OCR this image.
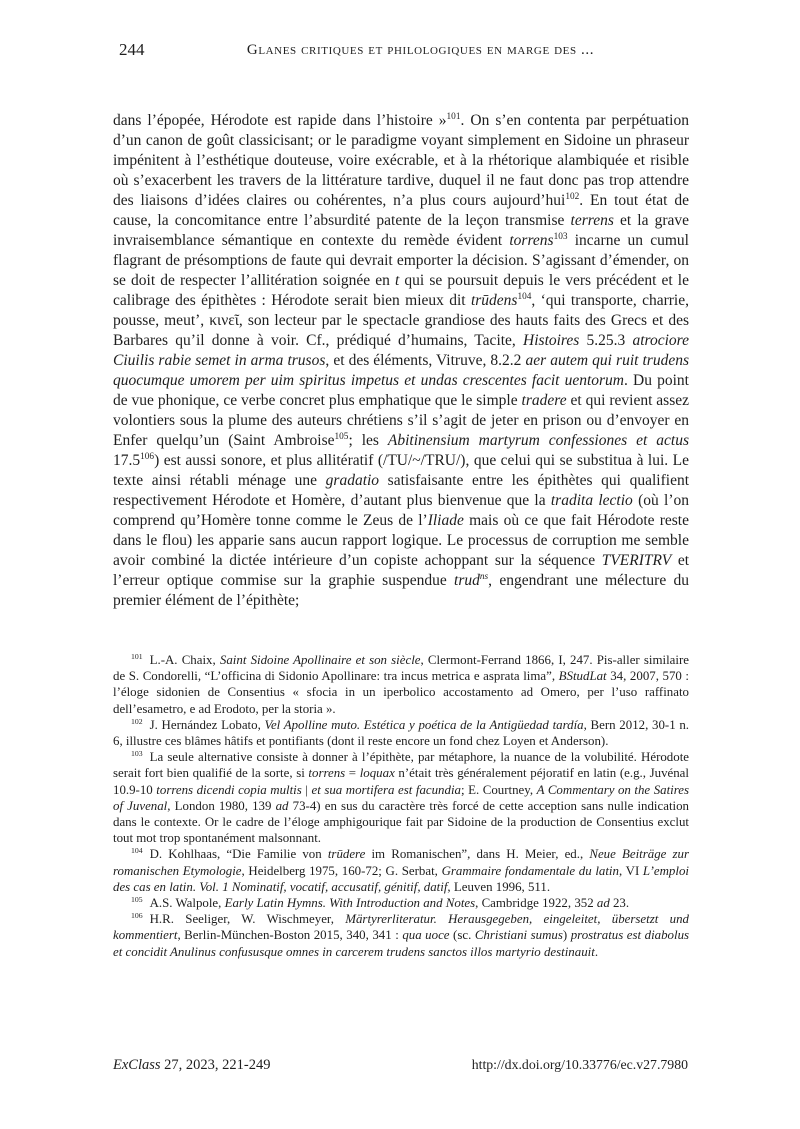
244	Glanes critiques et philologiques en marge des ...

dans l’épopée, Hérodote est rapide dans l’histoire »$^{101}$. On s’en contenta par perpétuation d’un canon de goût classicisant; or le paradigme voyant simplement en Sidoine un phraseur impénitent à l’esthétique douteuse, voire exécrable, et à la rhétorique alambiquée et risible où s’exacerbent les travers de la littérature tardive, duquel il ne faut donc pas trop attendre des liaisons d’idées claires ou cohérentes, n’a plus cours aujourd’hui$^{102}$. En tout état de cause, la concomitance entre l’absurdité patente de la leçon transmise terrens et la grave invraisemblance sémantique en contexte du remède évident torrens$^{103}$ incarne un cumul flagrant de présomptions de faute qui devrait emporter la décision. S’agissant d’émender, on se doit de respecter l’allitération soignée en t qui se poursuit depuis le vers précédent et le calibrage des épithètes : Hérodote serait bien mieux dit trūdens$^{104}$, ‘qui transporte, charrie, pousse, meut’, κινεῖ, son lecteur par le spectacle grandiose des hauts faits des Grecs et des Barbares qu’il donne à voir. Cf., prédiqué d’humains, Tacite, Histoires 5.25.3 atrociore Ciuilis rabie semet in arma trusos, et des éléments, Vitruve, 8.2.2 aer autem qui ruit trudens quocumque umorem per uim spiritus impetus et undas crescentes facit uentorum. Du point de vue phonique, ce verbe concret plus emphatique que le simple tradere et qui revient assez volontiers sous la plume des auteurs chrétiens s’il s’agit de jeter en prison ou d’envoyer en Enfer quelqu’un (Saint Ambroise$^{105}$; les Abitinensium martyrum confessiones et actus 17.5$^{106}$) est aussi sonore, et plus allitératif (/TU/~/TRU/), que celui qui se substitua à lui. Le texte ainsi rétabli ménage une gradatio satisfaisante entre les épithètes qui qualifient respectivement Hérodote et Homère, d’autant plus bienvenue que la tradita lectio (où l’on comprend qu’Homère tonne comme le Zeus de l’Iliade mais où ce que fait Hérodote reste dans le flou) les apparie sans aucun rapport logique. Le processus de corruption me semble avoir combiné la dictée intérieure d’un copiste achoppant sur la séquence TVERITRV et l’erreur optique commise sur la graphie suspendue trud$^{ns}$, engendrant une mélecture du premier élément de l’épithète;

$^{101}$ L.-A. Chaix, Saint Sidoine Apollinaire et son siècle, Clermont-Ferrand 1866, I, 247. Pis-aller similaire de S. Condorelli, “L’officina di Sidonio Apollinare: tra incus metrica e asprata lima”, BStudLat 34, 2007, 570 : l’éloge sidonien de Consentius « sfocia in un iperbolico accostamento ad Omero, per l’uso raffinato dell’esametro, e ad Erodoto, per la storia ».
$^{102}$ J. Hernández Lobato, Vel Apolline muto. Estética y poética de la Antigüedad tardía, Bern 2012, 30-1 n. 6, illustre ces blâmes hâtifs et pontifiants (dont il reste encore un fond chez Loyen et Anderson).
$^{103}$ La seule alternative consiste à donner à l’épithète, par métaphore, la nuance de la volubilité. Hérodote serait fort bien qualifié de la sorte, si torrens = loquax n’était très généralement péjoratif en latin (e.g., Juvénal 10.9-10 torrens dicendi copia multis | et sua mortifera est facundia; E. Courtney, A Commentary on the Satires of Juvenal, London 1980, 139 ad 73-4) en sus du caractère très forcé de cette acception sans nulle indication dans le contexte. Or le cadre de l’éloge amphigourique fait par Sidoine de la production de Consentius exclut tout mot trop spontanément malsonnant.
$^{104}$ D. Kohlhaas, “Die Familie von trūdere im Romanischen”, dans H. Meier, ed., Neue Beiträge zur romanischen Etymologie, Heidelberg 1975, 160-72; G. Serbat, Grammaire fondamentale du latin, VI L’emploi des cas en latin. Vol. 1 Nominatif, vocatif, accusatif, génitif, datif, Leuven 1996, 511.
$^{105}$ A.S. Walpole, Early Latin Hymns. With Introduction and Notes, Cambridge 1922, 352 ad 23.
$^{106}$ H.R. Seeliger, W. Wischmeyer, Märtyrerliteratur. Herausgegeben, eingeleitet, übersetzt und kommentiert, Berlin-München-Boston 2015, 340, 341 : qua uoce (sc. Christiani sumus) prostratus est diabolus et concidit Anulinus confususque omnes in carcerem trudens sanctos illos martyrio destinauit.
ExClass 27, 2023, 221-249	http://dx.doi.org/10.33776/ec.v27.7980
